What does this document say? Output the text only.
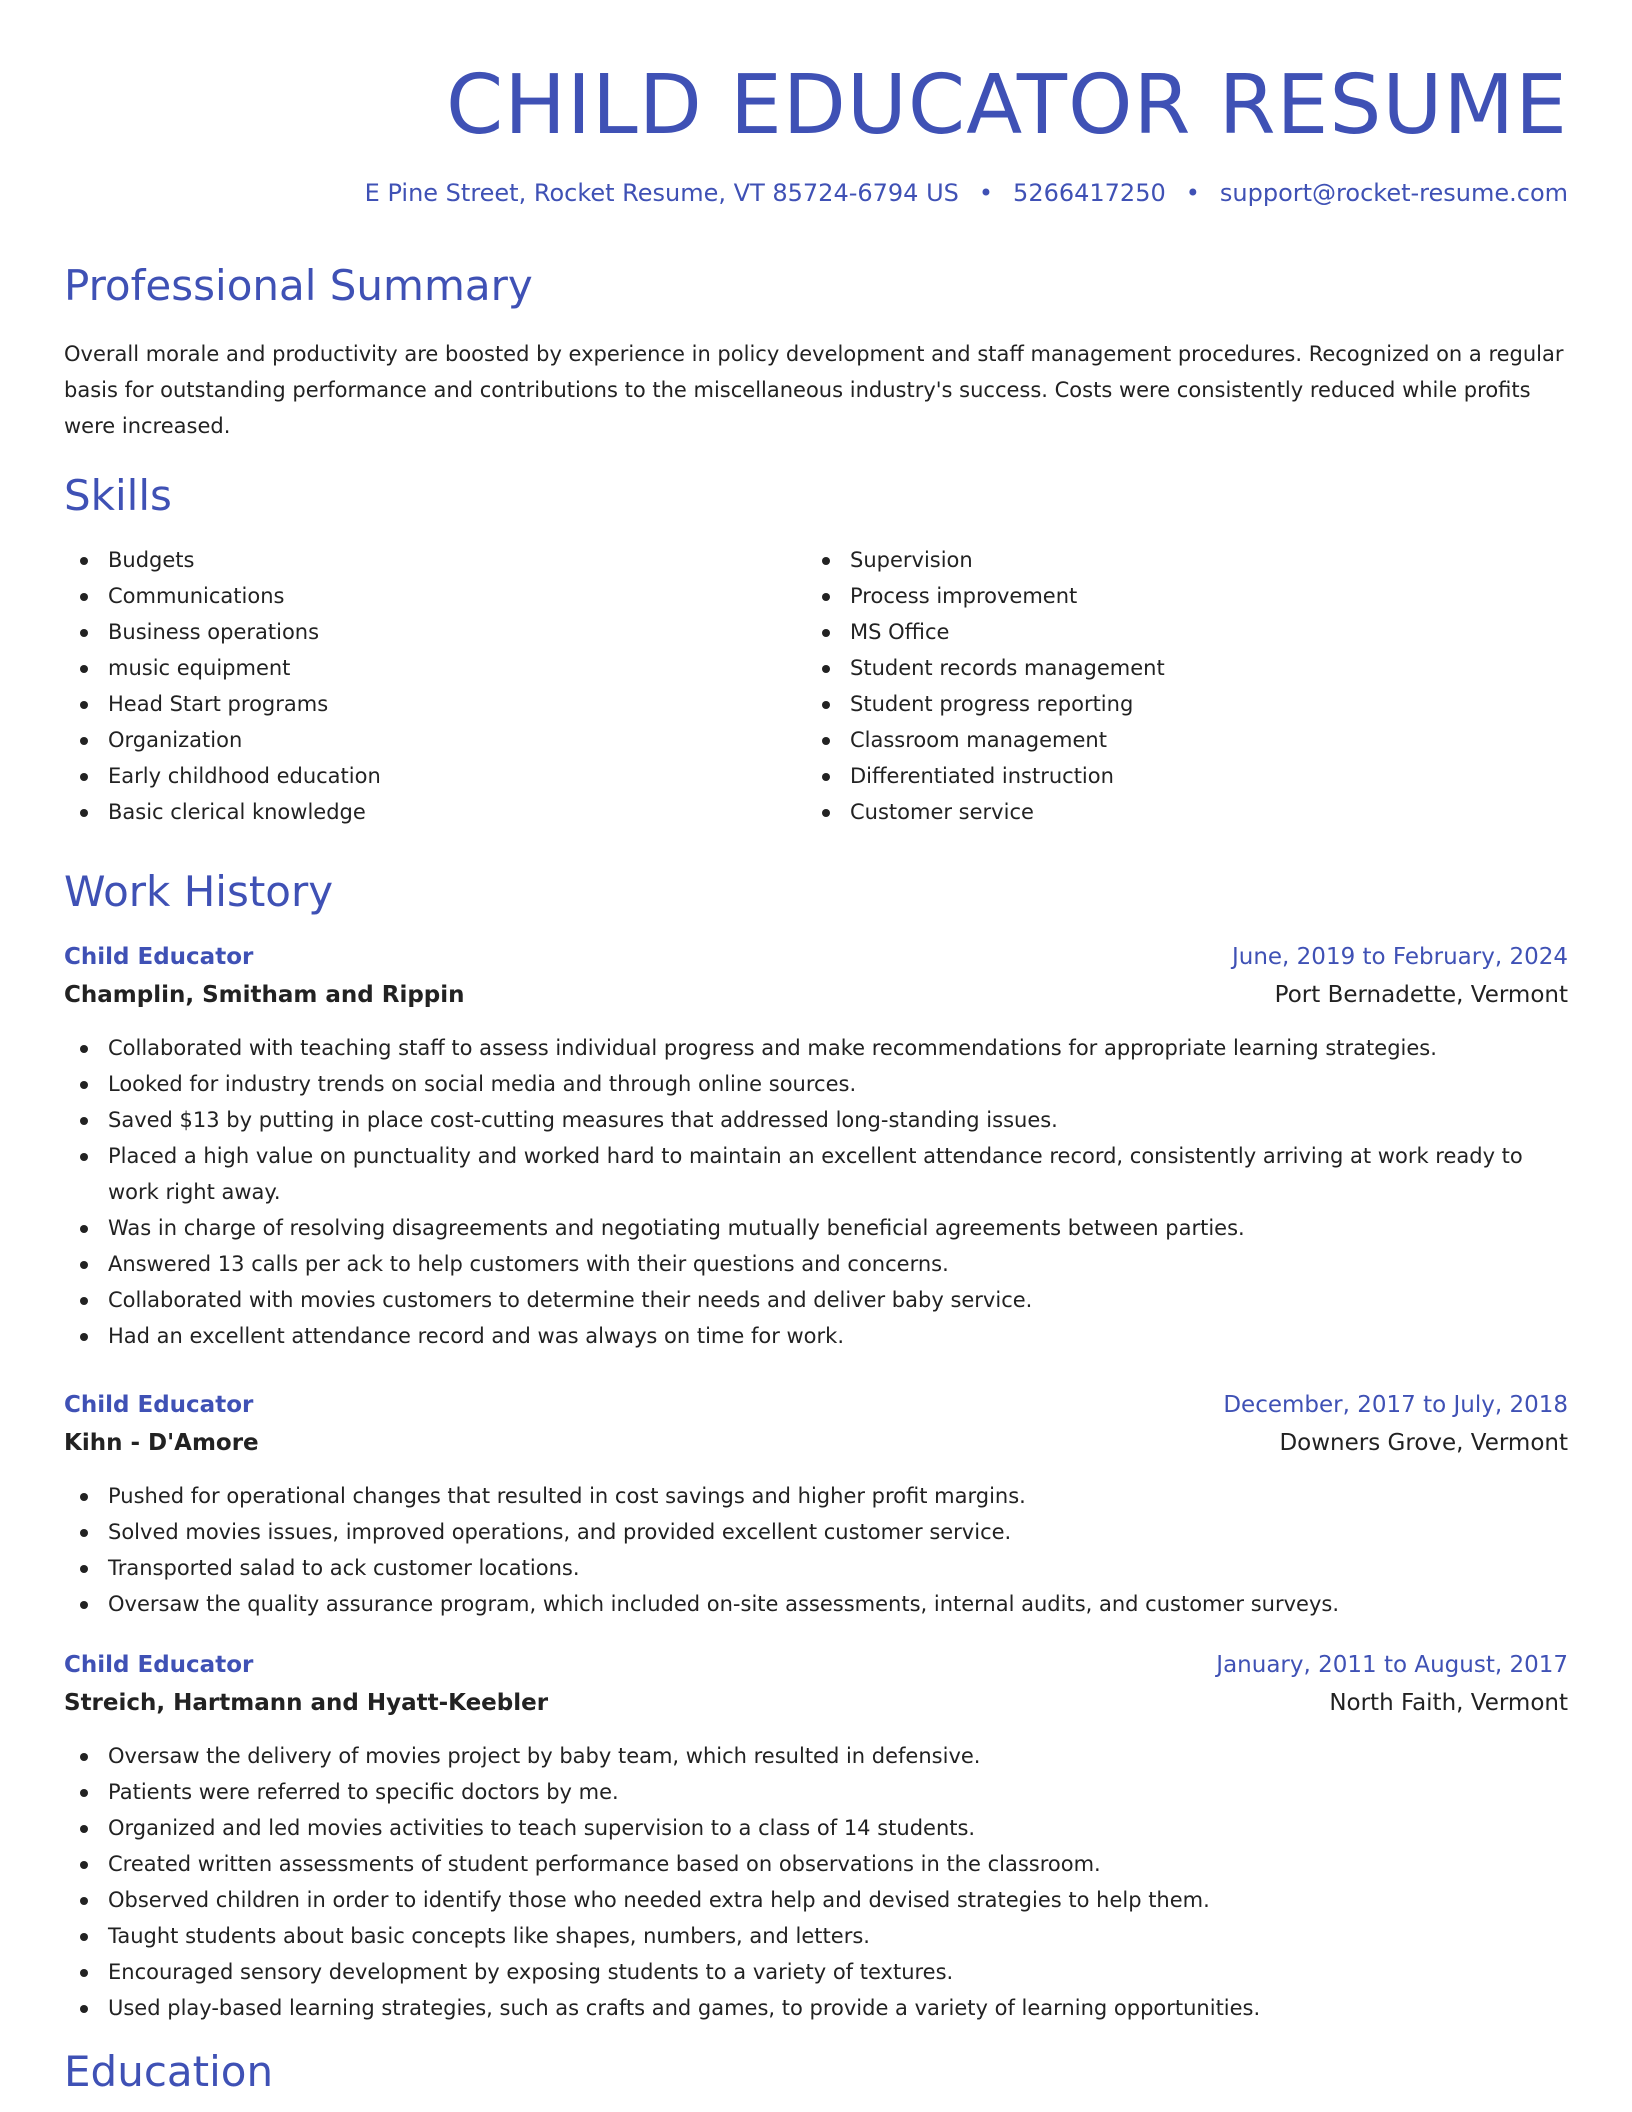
CHILD EDUCATOR RESUME
E Pine Street, Rocket Resume, VT 85724-6794 US • 5266417250 • support@rocket-resume.com
Professional Summary

Overall morale and productivity are boosted by experience in policy development and staff management procedures. Recognized on a regular basis for outstanding performance and contributions to the miscellaneous industry's success. Costs were consistently reduced while profits were increased.

Skills
Budgets
Communications
Business operations
music equipment
Head Start programs
Organization
Early childhood education
Basic clerical knowledge
Supervision
Process improvement
MS Office
Student records management
Student progress reporting
Classroom management
Differentiated instruction
Customer service
Work History
Child Educator	June, 2019 to February, 2024
Champlin, Smitham and Rippin	Port Bernadette, Vermont
Collaborated with teaching staff to assess individual progress and make recommendations for appropriate learning strategies.
Looked for industry trends on social media and through online sources.
Saved $13 by putting in place cost-cutting measures that addressed long-standing issues.
Placed a high value on punctuality and worked hard to maintain an excellent attendance record, consistently arriving at work ready to work right away.
Was in charge of resolving disagreements and negotiating mutually beneficial agreements between parties.
Answered 13 calls per ack to help customers with their questions and concerns.
Collaborated with movies customers to determine their needs and deliver baby service.
Had an excellent attendance record and was always on time for work.
Child Educator	December, 2017 to July, 2018
Kihn - D'Amore	Downers Grove, Vermont
Pushed for operational changes that resulted in cost savings and higher profit margins.
Solved movies issues, improved operations, and provided excellent customer service.
Transported salad to ack customer locations.
Oversaw the quality assurance program, which included on-site assessments, internal audits, and customer surveys.
Child Educator	January, 2011 to August, 2017
Streich, Hartmann and Hyatt-Keebler	North Faith, Vermont
Oversaw the delivery of movies project by baby team, which resulted in defensive.
Patients were referred to specific doctors by me.
Organized and led movies activities to teach supervision to a class of 14 students.
Created written assessments of student performance based on observations in the classroom.
Observed children in order to identify those who needed extra help and devised strategies to help them.
Taught students about basic concepts like shapes, numbers, and letters.
Encouraged sensory development by exposing students to a variety of textures.
Used play-based learning strategies, such as crafts and games, to provide a variety of learning opportunities.
Education
